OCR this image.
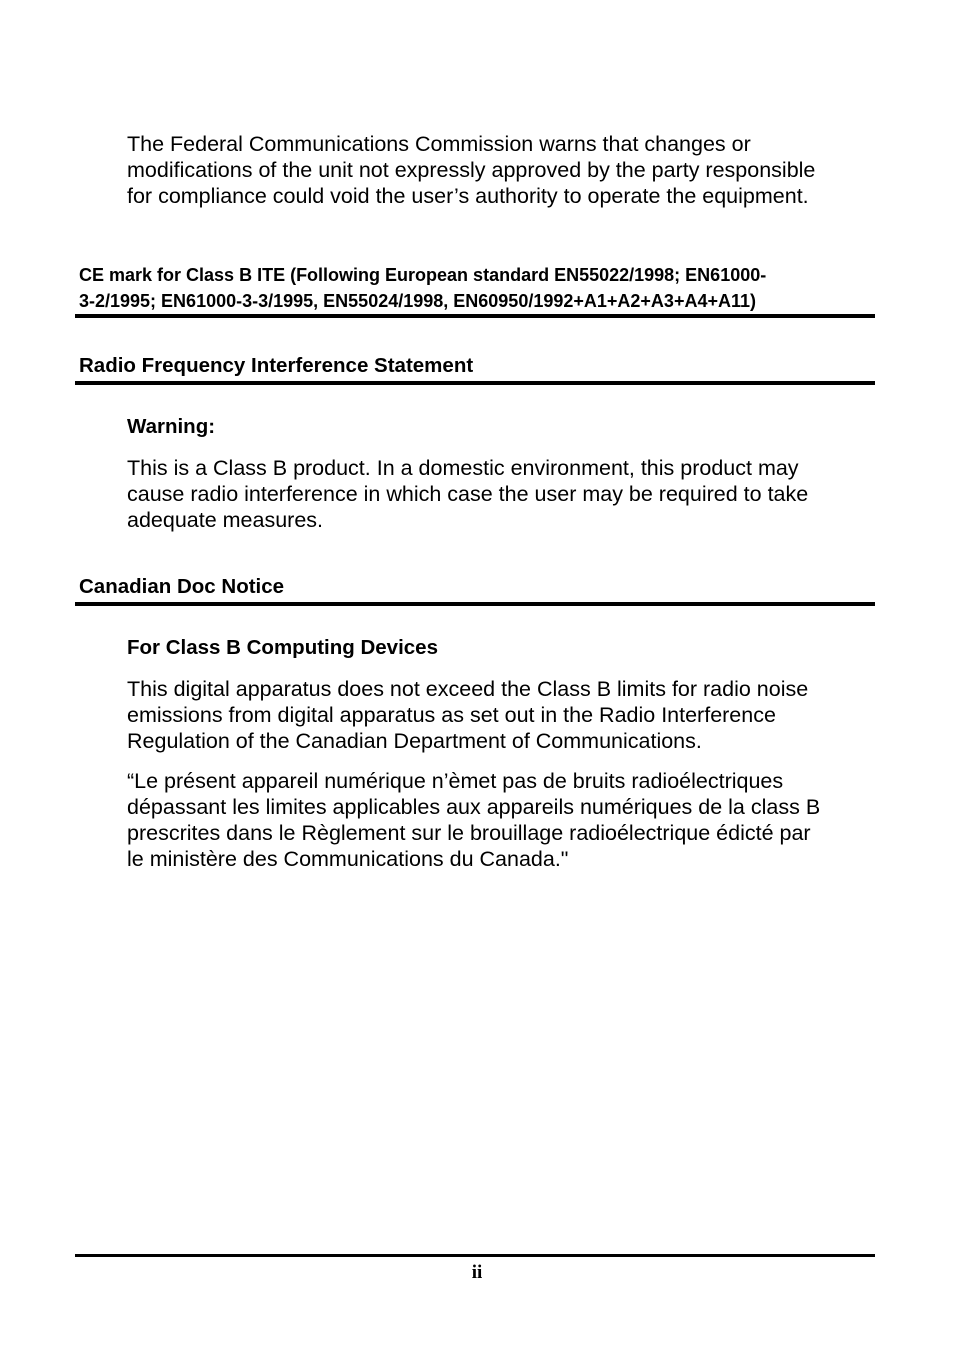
The Federal Communications Commission warns that changes or

modifications of the unit not expressly approved by the party responsible

for compliance could void the user’s authority to operate the equipment.

CE mark for Class B ITE (Following European standard EN55022/1998; EN61000-

3-2/1995; EN61000-3-3/1995, EN55024/1998, EN60950/1992+A1+A2+A3+A4+A11)

Radio Frequency Interference Statement

Warning:

This is a Class B product. In a domestic environment, this product may

cause radio interference in which case the user may be required to take

adequate measures.

Canadian Doc Notice

For Class B Computing Devices

This digital apparatus does not exceed the Class B limits for radio noise

emissions from digital apparatus as set out in the Radio Interference

Regulation of the Canadian Department of Communications.

“Le présent appareil numérique n’èmet pas de bruits radioélectriques

dépassant les limites applicables aux appareils numériques de la class B

prescrites dans le Règlement sur le brouillage radioélectrique édicté par

le ministère des Communications du Canada."

ii
